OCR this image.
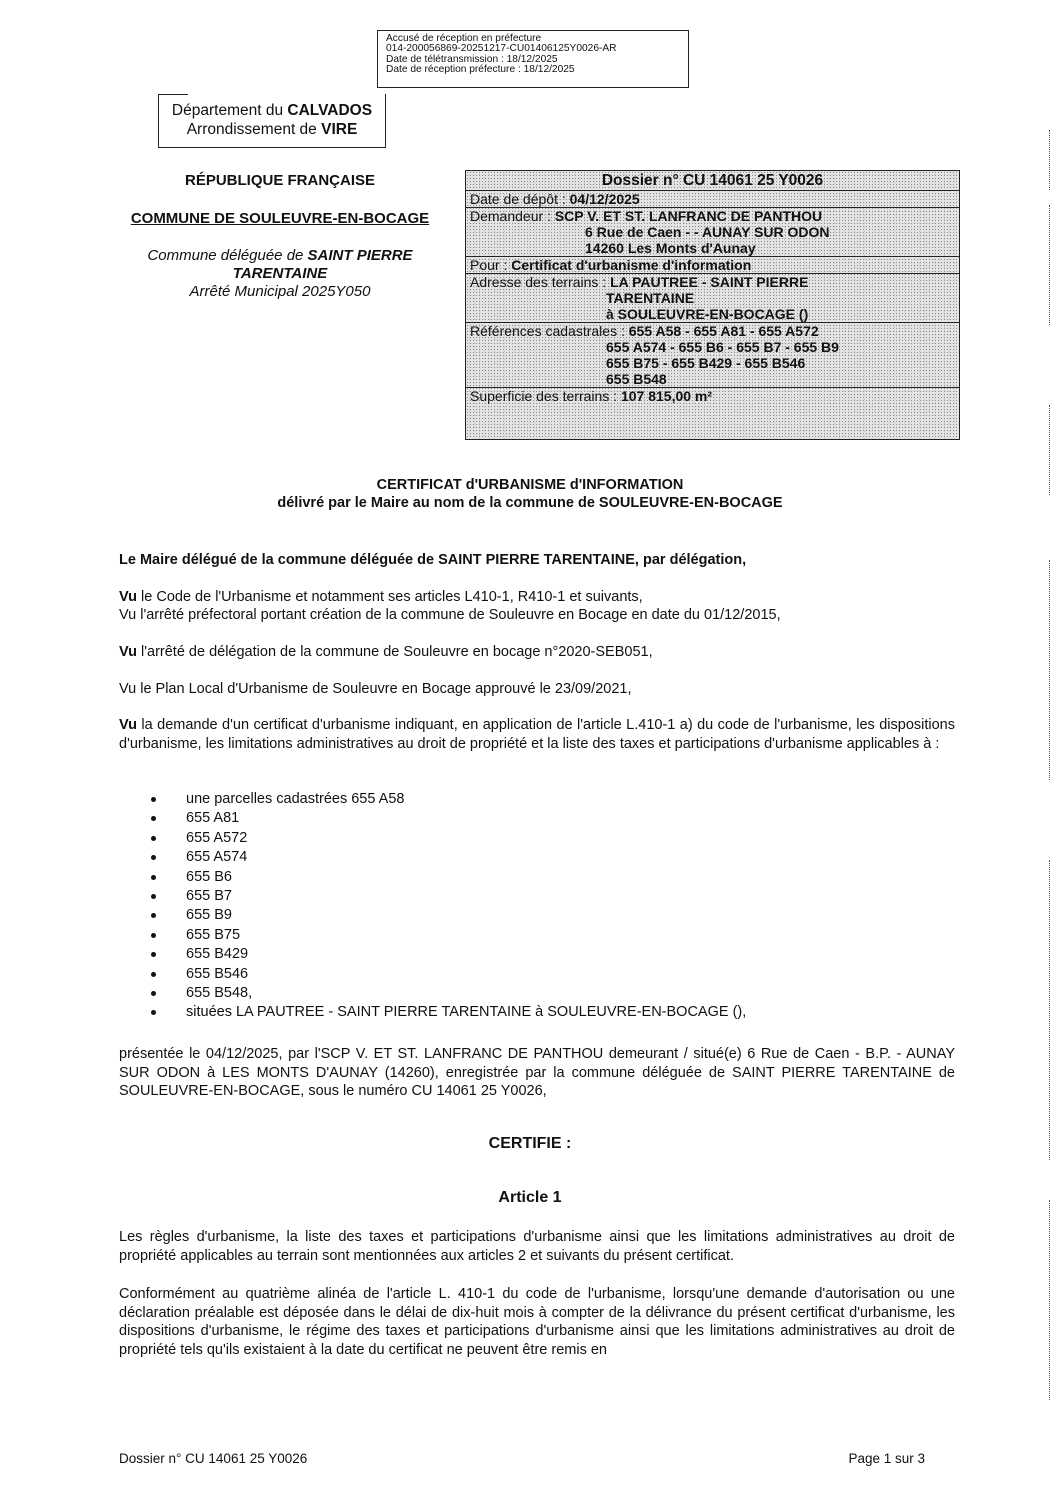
Accusé de réception en préfecture
014-200056869-20251217-CU01406125Y0026-AR
Date de télétransmission : 18/12/2025
Date de réception préfecture : 18/12/2025
Département du CALVADOS
Arrondissement de VIRE
RÉPUBLIQUE FRANÇAISE
COMMUNE DE SOULEUVRE-EN-BOCAGE
Commune déléguée de SAINT PIERRE
TARENTAINE
Arrêté Municipal 2025Y050
Dossier n° CU 14061 25 Y0026
Date de dépôt : 04/12/2025
Demandeur : SCP V. ET ST. LANFRANC DE PANTHOU
6 Rue de Caen - - AUNAY SUR ODON
14260 Les Monts d'Aunay
Pour : Certificat d'urbanisme d'information
Adresse des terrains : LA PAUTREE - SAINT PIERRE
TARENTAINE
à SOULEUVRE-EN-BOCAGE ()
Références cadastrales : 655 A58 - 655 A81 - 655 A572
655 A574 - 655 B6 - 655 B7 - 655 B9
655 B75 - 655 B429 - 655 B546
655 B548
Superficie des terrains : 107 815,00 m²
CERTIFICAT d'URBANISME d'INFORMATION
délivré par le Maire au nom de la commune de SOULEUVRE-EN-BOCAGE
Le Maire délégué de la commune déléguée de SAINT PIERRE TARENTAINE, par délégation,
Vu le Code de l'Urbanisme et notamment ses articles L410-1, R410-1 et suivants,
Vu l'arrêté préfectoral portant création de la commune de Souleuvre en Bocage en date du 01/12/2015,
Vu l'arrêté de délégation de la commune de Souleuvre en bocage n°2020-SEB051,
Vu le Plan Local d'Urbanisme de Souleuvre en Bocage approuvé le 23/09/2021,
Vu la demande d'un certificat d'urbanisme indiquant, en application de l'article L.410-1 a) du code de l'urbanisme, les dispositions d'urbanisme, les limitations administratives au droit de propriété et la liste des taxes et participations d'urbanisme applicables à :
une parcelles cadastrées 655 A58
655 A81
655 A572
655 A574
655 B6
655 B7
655 B9
655 B75
655 B429
655 B546
655 B548,
situées LA PAUTREE - SAINT PIERRE TARENTAINE à SOULEUVRE-EN-BOCAGE (),
présentée le 04/12/2025, par l'SCP V. ET ST. LANFRANC DE PANTHOU demeurant / situé(e) 6 Rue de Caen - B.P. - AUNAY SUR ODON à LES MONTS D'AUNAY (14260), enregistrée par la commune déléguée de SAINT PIERRE TARENTAINE de SOULEUVRE-EN-BOCAGE, sous le numéro CU 14061 25 Y0026,
CERTIFIE :
Article 1
Les règles d'urbanisme, la liste des taxes et participations d'urbanisme ainsi que les limitations administratives au droit de propriété applicables au terrain sont mentionnées aux articles 2 et suivants du présent certificat.
Conformément au quatrième alinéa de l'article L. 410-1 du code de l'urbanisme, lorsqu'une demande d'autorisation ou une déclaration préalable est déposée dans le délai de dix-huit mois à compter de la délivrance du présent certificat d'urbanisme, les dispositions d'urbanisme, le régime des taxes et participations d'urbanisme ainsi que les limitations administratives au droit de propriété tels qu'ils existaient à la date du certificat ne peuvent être remis en
Dossier n° CU 14061 25 Y0026	Page 1 sur 3
